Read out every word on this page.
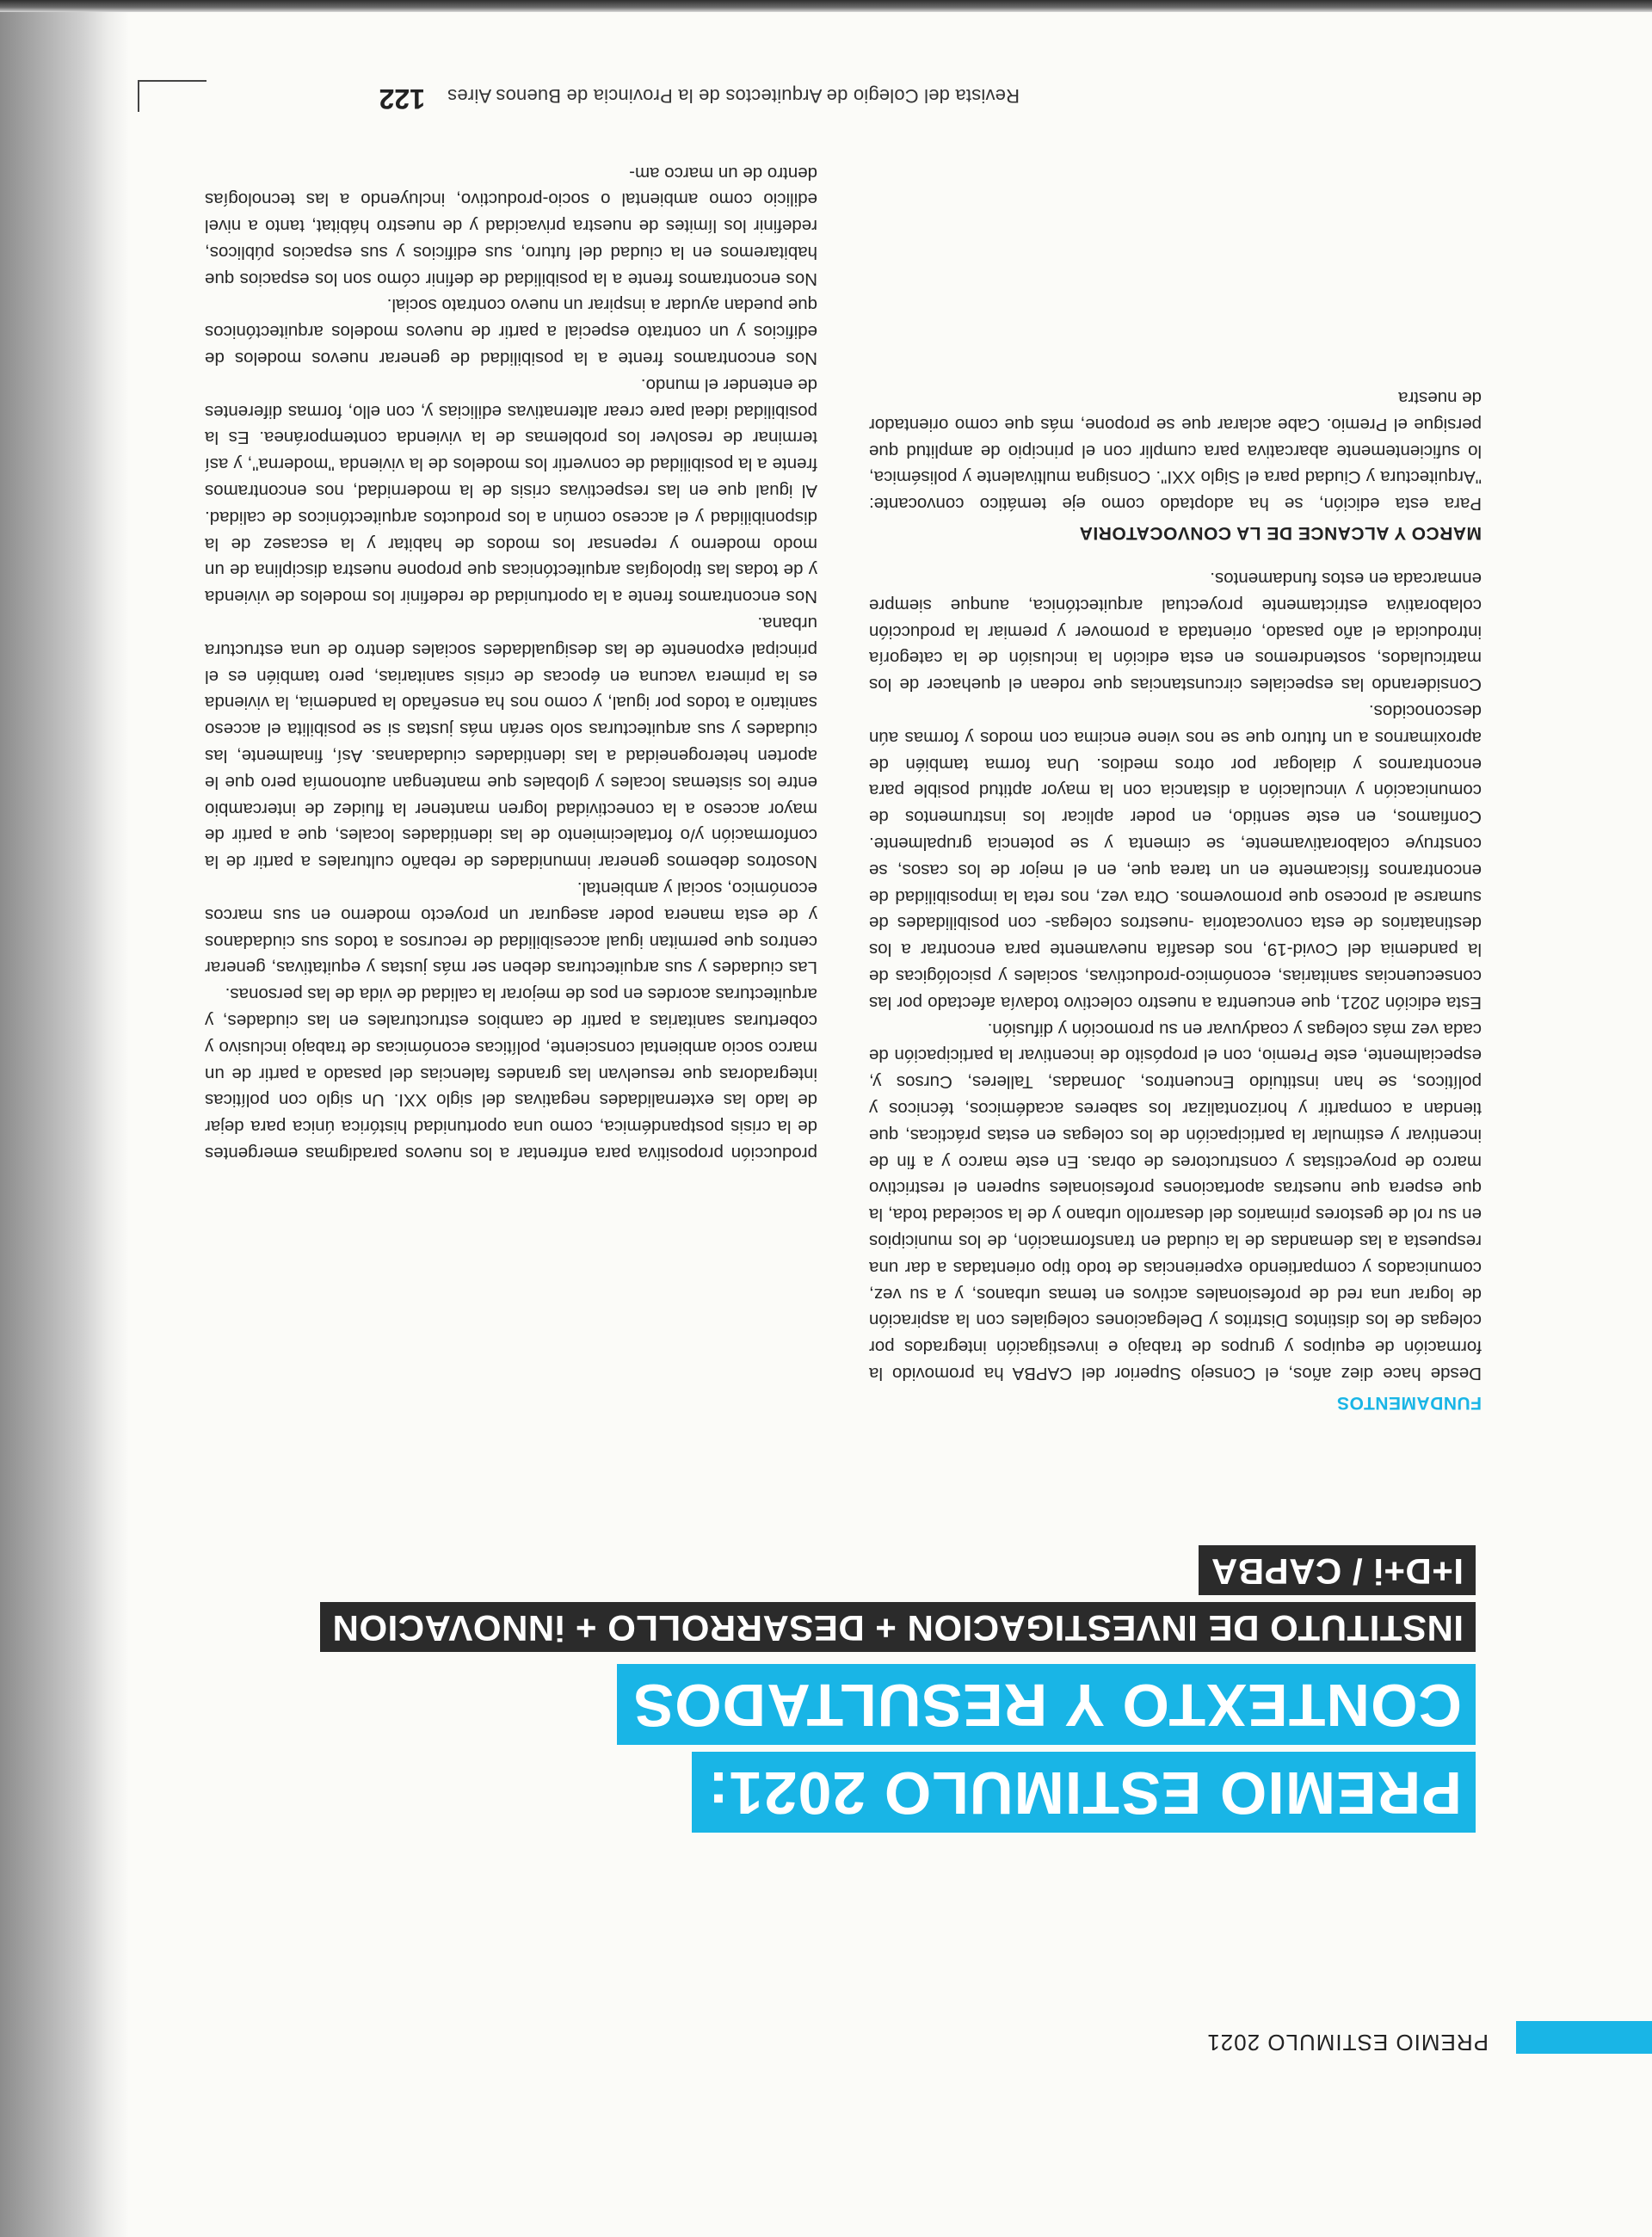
PREMIO ESTIMULO 2021
PREMIO ESTIMULO 2021:
CONTEXTO Y RESULTADOS
INSTITUTO DE INVESTIGACION + DESARROLLO + iNNOVACION
I+D+i / CAPBA
FUNDAMENTOS

Desde hace diez años, el Consejo Superior del CAPBA ha promovido la formación de equipos y grupos de trabajo e investigación integrados por colegas de los distintos Distritos y Delegaciones colegiales con la aspiración de lograr una red de profesionales activos en temas urbanos, y a su vez, comunicados y compartiendo experiencias de todo tipo orientadas a dar una respuesta a las demandas de la ciudad en transformación, de los municipios en su rol de gestores primarios del desarrollo urbano y de la sociedad toda, la que espera que nuestras aportaciones profesionales superen el restrictivo marco de proyectistas y constructores de obras. En este marco y a fin de incentivar y estimular la participación de los colegas en estas prácticas, que tiendan a compartir y horizontalizar los saberes académicos, técnicos y políticos, se han instituido Encuentros, Jornadas, Talleres, Cursos y, especialmente, este Premio, con el propósito de incentivar la participación de cada vez más colegas y coadyuvar en su promoción y difusión.

Esta edición 2021, que encuentra a nuestro colectivo todavía afectado por las consecuencias sanitarias, económico-productivas, sociales y psicológicas de la pandemia del Covid-19, nos desafía nuevamente para encontrar a los destinatarios de esta convocatoria -nuestros colegas- con posibilidades de sumarse al proceso que promovemos. Otra vez, nos reta la imposibilidad de encontrarnos físicamente en un tarea que, en el mejor de los casos, se construye colaborativamente, se cimenta y se potencia grupalmente. Confiamos, en este sentido, en poder aplicar los instrumentos de comunicación y vinculación a distancia con la mayor aptitud posible para encontrarnos y dialogar por otros medios. Una forma también de aproximarnos a un futuro que se nos viene encima con modos y formas aún desconocidos.

Considerando las especiales circunstancias que rodean el quehacer de los matriculados, sostendremos en esta edición la inclusión de la categoría introducida el año pasado, orientada a promover y premiar la producción colaborativa estrictamente proyectual arquitectónica, aunque siempre enmarcada en estos fundamentos.

MARCO Y ALCANCE DE LA CONVOCATORIA

Para esta edición, se ha adoptado como eje temático convocante: "Arquitectura y Ciudad para el Siglo XXI". Consigna multivalente y polisémica, lo suficientemente abarcativa para cumplir con el principio de amplitud que persigue el Premio. Cabe aclarar que se propone, más que como orientador de nuestra

producción propositiva para enfrentar a los nuevos paradigmas emergentes de la crisis postpandémica, como una oportunidad histórica única para dejar de lado las externalidades negativas del siglo XXI. Un siglo con políticas integradoras que resuelvan las grandes falencias del pasado a partir de un marco socio ambiental consciente, políticas económicas de trabajo inclusivo y coberturas sanitarias a partir de cambios estructurales en las ciudades, y arquitecturas acordes en pos de mejorar la calidad de vida de las personas.

Las ciudades y sus arquitecturas deben ser más justas y equitativas, generar centros que permitan igual accesibilidad de recursos a todos sus ciudadanos y de esta manera poder asegurar un proyecto moderno en sus marcos económico, social y ambiental.

Nosotros debemos generar inmunidades de rebaño culturales a partir de la conformación y/o fortalecimiento de las identidades locales, que a partir de mayor acceso a la conectividad logren mantener la fluidez de intercambio entre los sistemas locales y globales que mantengan autonomía pero que le aporten heterogeneidad a las identidades ciudadanas. Así, finalmente, las ciudades y sus arquitecturas solo serán más justas si se posibilita el acceso sanitario a todos por igual, y como nos ha enseñado la pandemia, la vivienda es la primera vacuna en épocas de crisis sanitarias, pero también es el principal exponente de las desigualdades sociales dentro de una estructura urbana.

Nos encontramos frente a la oportunidad de redefinir los modelos de vivienda y de todas las tipologías arquitectónicas que propone nuestra disciplina de un modo moderno y repensar los modos de habitar y la escasez de la disponibilidad y el acceso común a los productos arquitectónicos de calidad. Al igual que en las respectivas crisis de la modernidad, nos encontramos frente a la posibilidad de convertir los modelos de la vivienda "moderna", y así terminar de resolver los problemas de la vivienda contemporánea. Es la posibilidad ideal pare crear alternativas edilicias y, con ello, formas diferentes de entender el mundo.

Nos encontramos frente a la posibilidad de generar nuevos modelos de edificios y un contrato especial a partir de nuevos modelos arquitectónicos que puedan ayudar a inspirar un nuevo contrato social.

Nos encontramos frente a la posibilidad de definir cómo son los espacios que habitaremos en la ciudad del futuro, sus edificios y sus espacios públicos, redefinir los límites de nuestra privacidad y de nuestro hábitat, tanto a nivel edilicio como ambiental o socio-productivo, incluyendo a las tecnologías dentro de un marco am-

Revista del Colegio de Arquitectos de la Provincia de Buenos Aires
122
